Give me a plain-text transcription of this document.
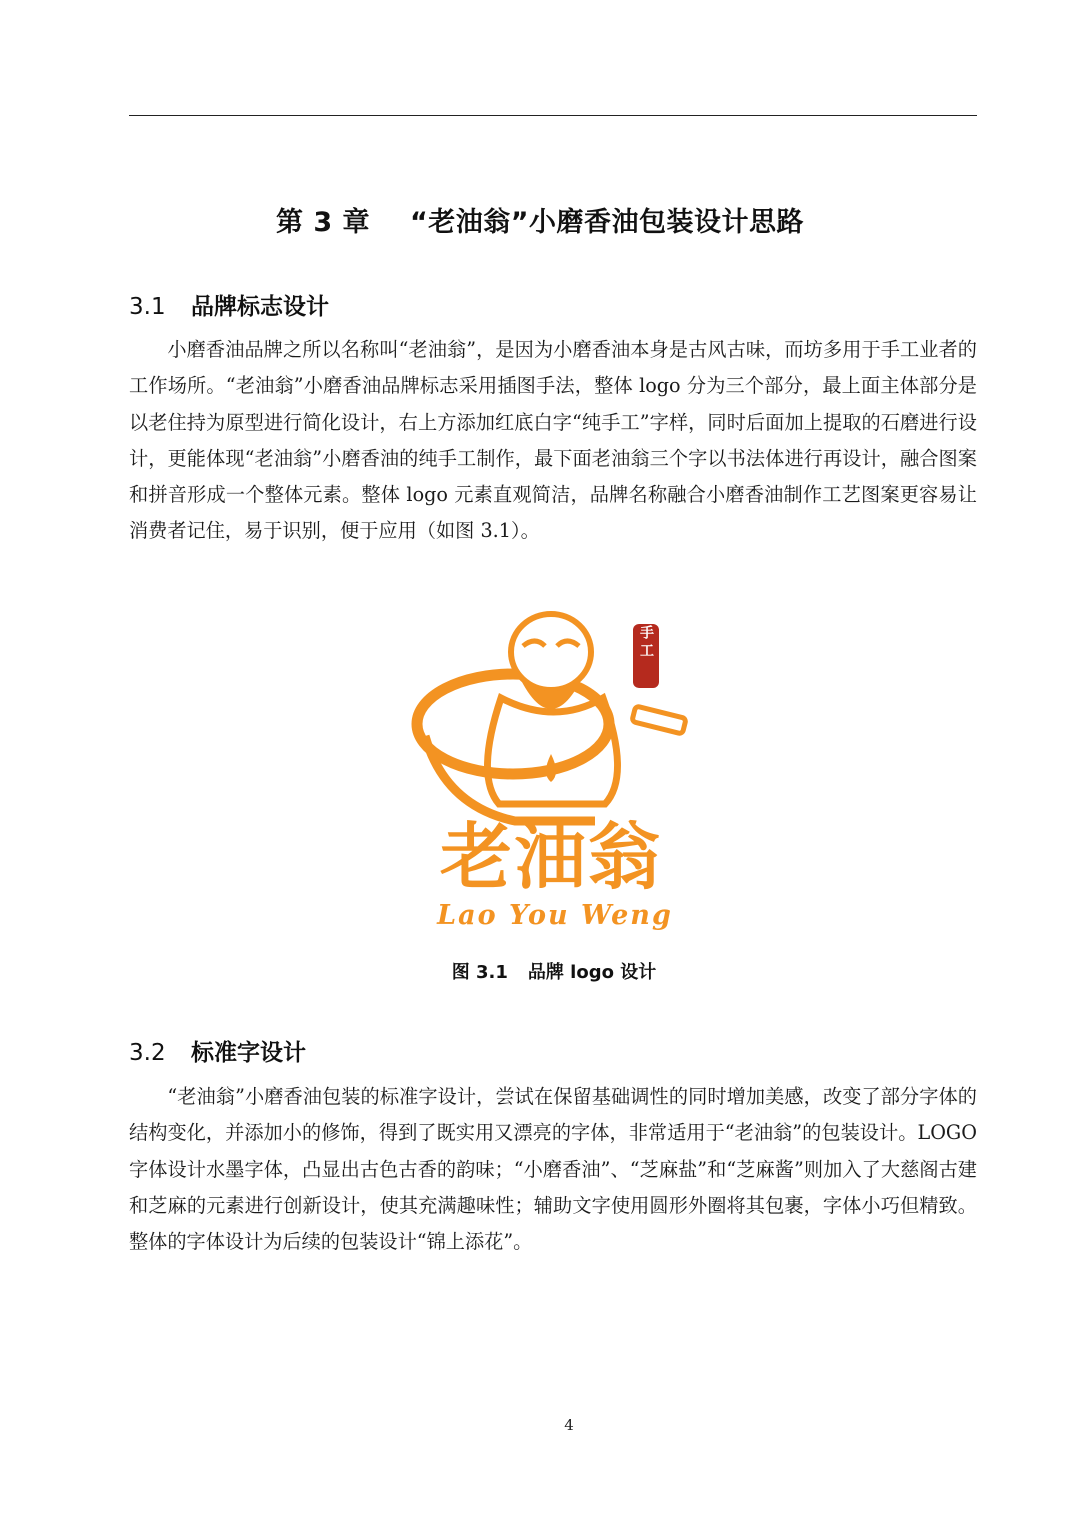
第 3 章 “老油翁”小磨香油包装设计思路
3.1 品牌标志设计

小磨香油品牌之所以名称叫“老油翁”，是因为小磨香油本身是古风古味，而坊多用于手工业者的工作场所。“老油翁”小磨香油品牌标志采用插图手法，整体 logo 分为三个部分，最上面主体部分是以老住持为原型进行简化设计，右上方添加红底白字“纯手工”字样，同时后面加上提取的石磨进行设计，更能体现“老油翁”小磨香油的纯手工制作，最下面老油翁三个字以书法体进行再设计，融合图案和拼音形成一个整体元素。整体 logo 元素直观简洁，品牌名称融合小磨香油制作工艺图案更容易让消费者记住，易于识别，便于应用（如图 3.1）。

纯手工
老油翁
Lao You Weng

图 3.1 品牌 logo 设计

3.2 标准字设计

“老油翁”小磨香油包装的标准字设计，尝试在保留基础调性的同时增加美感，改变了部分字体的结构变化，并添加小的修饰，得到了既实用又漂亮的字体，非常适用于“老油翁”的包装设计。LOGO 字体设计水墨字体，凸显出古色古香的韵味；“小磨香油”、“芝麻盐”和“芝麻酱”则加入了大慈阁古建和芝麻的元素进行创新设计，使其充满趣味性；辅助文字使用圆形外圈将其包裹，字体小巧但精致。整体的字体设计为后续的包装设计“锦上添花”。

4
